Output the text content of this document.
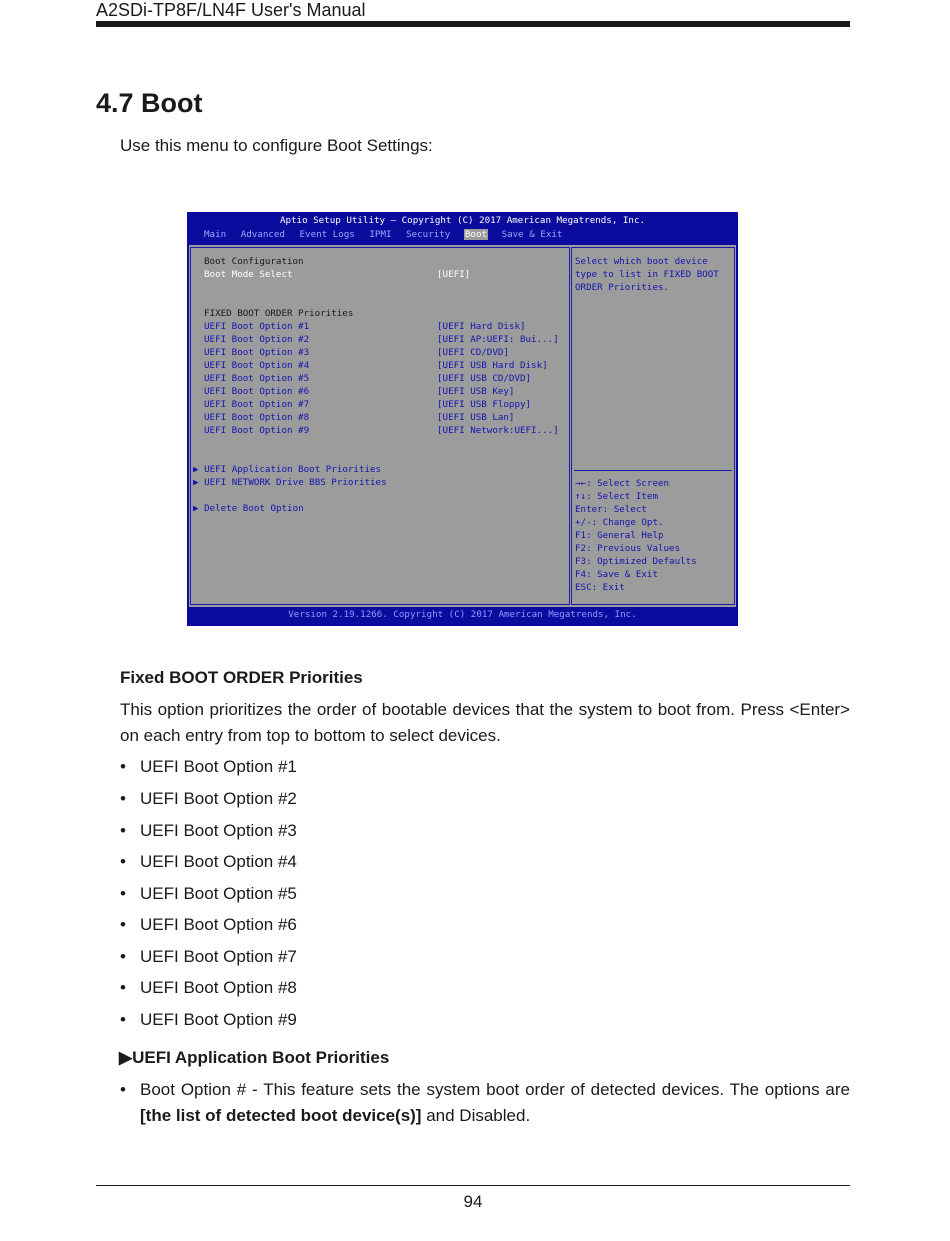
A2SDi-TP8F/LN4F User's Manual
4.7 Boot
Use this menu to configure Boot Settings:
Aptio Setup Utility – Copyright (C) 2017 American Megatrends, Inc.
Main Advanced Event Logs IPMI Security Boot Save & Exit
Boot Configuration
Boot Mode Select	[UEFI]
FIXED BOOT ORDER Priorities
UEFI Boot Option #1	[UEFI Hard Disk]
UEFI Boot Option #2	[UEFI AP:UEFI: Bui...]
UEFI Boot Option #3	[UEFI CD/DVD]
UEFI Boot Option #4	[UEFI USB Hard Disk]
UEFI Boot Option #5	[UEFI USB CD/DVD]
UEFI Boot Option #6	[UEFI USB Key]
UEFI Boot Option #7	[UEFI USB Floppy]
UEFI Boot Option #8	[UEFI USB Lan]
UEFI Boot Option #9	[UEFI Network:UEFI...]
▶ UEFI Application Boot Priorities
▶ UEFI NETWORK Drive BBS Priorities
▶ Delete Boot Option
Select which boot device
type to list in FIXED BOOT
ORDER Priorities.
→←: Select Screen
↑↓: Select Item
Enter: Select
+/-: Change Opt.
F1: General Help
F2: Previous Values
F3: Optimized Defaults
F4: Save & Exit
ESC: Exit
Version 2.19.1266. Copyright (C) 2017 American Megatrends, Inc.
Fixed BOOT ORDER Priorities
This option prioritizes the order of bootable devices that the system to boot from. Press <Enter> on each entry from top to bottom to select devices.
• UEFI Boot Option #1
• UEFI Boot Option #2
• UEFI Boot Option #3
• UEFI Boot Option #4
• UEFI Boot Option #5
• UEFI Boot Option #6
• UEFI Boot Option #7
• UEFI Boot Option #8
• UEFI Boot Option #9
▶UEFI Application Boot Priorities
• Boot Option # - This feature sets the system boot order of detected devices. The options are [the list of detected boot device(s)] and Disabled.
94
